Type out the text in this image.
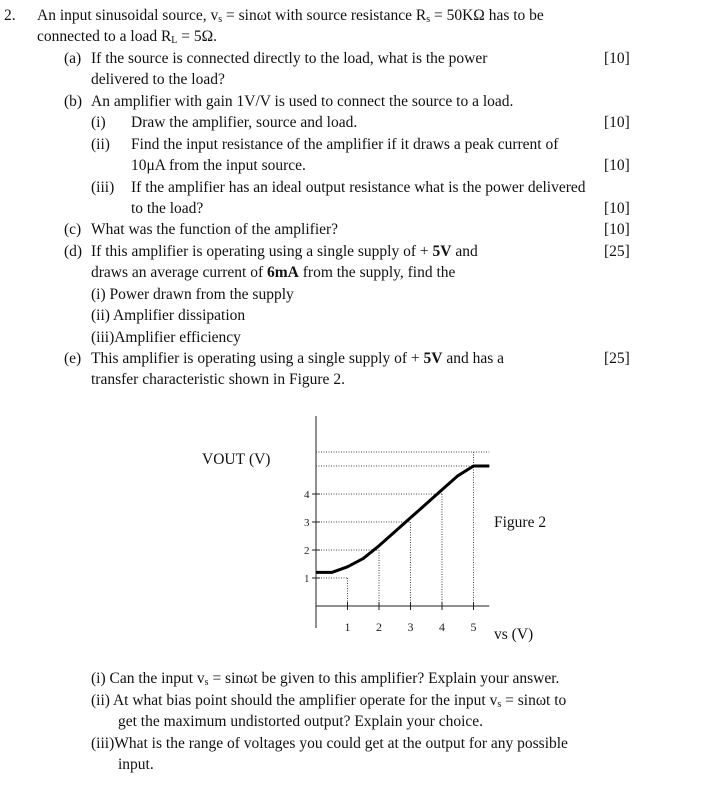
2. An input sinusoidal source, $v_s = \sin\omega t$ with source resistance $R_s = 50K\Omega$ has to be
connected to a load $R_L = 5\Omega$.
(a) If the source is connected directly to the load, what is the power	[10]
delivered to the load?
(b) An amplifier with gain 1V/V is used to connect the source to a load.
(i) Draw the amplifier, source and load.	[10]
(ii) Find the input resistance of the amplifier if it draws a peak current of
10μA from the input source.	[10]
(iii) If the amplifier has an ideal output resistance what is the power delivered
to the load?	[10]
(c) What was the function of the amplifier?	[10]
(d) If this amplifier is operating using a single supply of + 5V and	[25]
draws an average current of 6mA from the supply, find the
(i) Power drawn from the supply
(ii) Amplifier dissipation
(iii)Amplifier efficiency
(e) This amplifier is operating using a single supply of + 5V and has a	[25]
transfer characteristic shown in Figure 2.
1 2 3 4 5
1
2
3
4
VOUT (V)
vs (V)
Figure 2
(i) Can the input $v_s = \sin\omega t$ be given to this amplifier? Explain your answer.
(ii) At what bias point should the amplifier operate for the input $v_s = \sin\omega t$ to
get the maximum undistorted output? Explain your choice.
(iii)What is the range of voltages you could get at the output for any possible
input.
